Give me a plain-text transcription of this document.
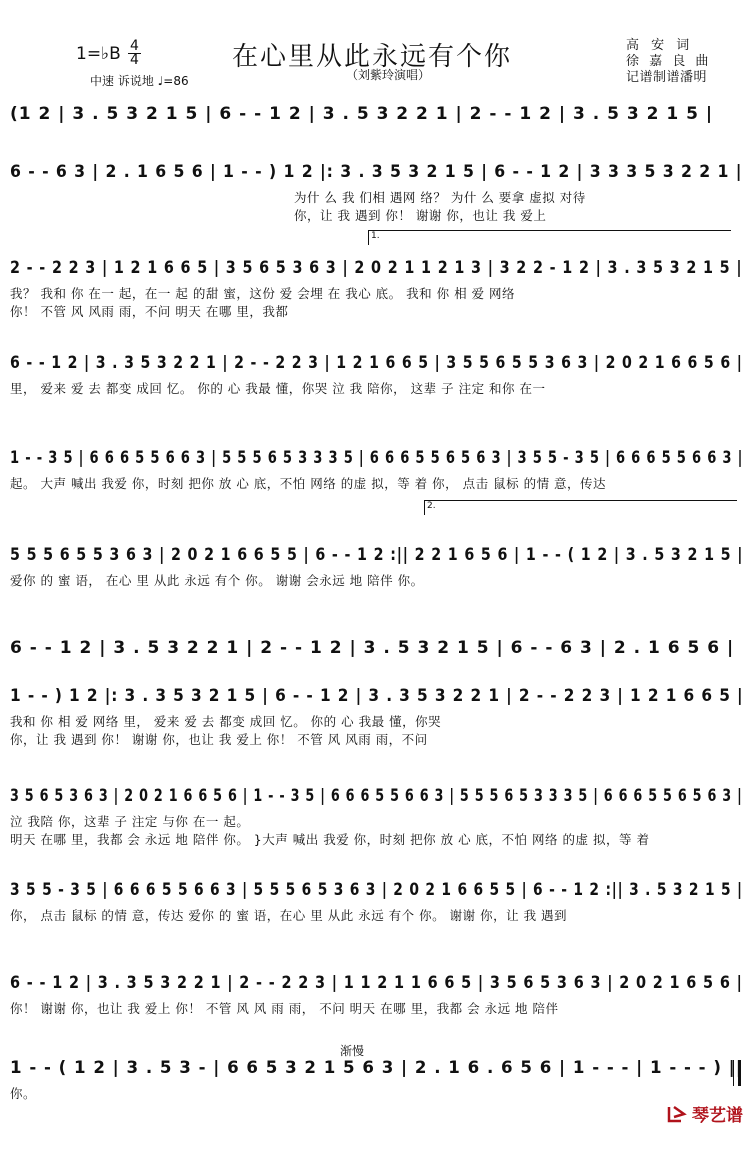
在心里从此永远有个你
（刘紫玲演唱）
1=♭B 4
4
中速 诉说地 ♩=86
高 安 词
徐 嘉 良 曲
记谱制谱潘明
(1 2 | 3 . 5 3 2 1 5 | 6 - - 1 2 | 3 . 5 3 2 2 1 | 2 - - 1 2 | 3 . 5 3 2 1 5 |
6 - - 6 3 | 2 . 1 6 5 6 | 1 - - ) 1 2 |: 3 . 3 5 3 2 1 5 | 6 - - 1 2 | 3 3 3 5 3 2 2 1 |
为什 么 我 们相 遇网 络？ 为什 么 要拿 虚拟 对待
你，让 我 遇到 你！ 谢谢 你，也让 我 爱上
2 - - 2 2 3 | 1 2 1 6 6 5 | 3 5 6 5 3 6 3 | 2 0 2 1 1 2 1 3 | 3 2 2 - 1 2 | 3 . 3 5 3 2 1 5 |
我？ 我和 你 在一 起，在一 起 的甜 蜜，这份 爱 会埋 在 我心 底。 我和 你 相 爱 网络
你！ 不管 风 风雨 雨，不问 明天 在哪 里，我都
6 - - 1 2 | 3 . 3 5 3 2 2 1 | 2 - - 2 2 3 | 1 2 1 6 6 5 | 3 5 5 6 5 5 3 6 3 | 2 0 2 1 6 6 5 6 |
里， 爱来 爱 去 都变 成回 忆。 你的 心 我最 懂，你哭 泣 我 陪你， 这辈 子 注定 和你 在一
1 - - 3 5 | 6 6 6 5 5 6 6 3 | 5 5 5 6 5 3 3 3 5 | 6 6 6 5 5 6 5 6 3 | 3 5 5 - 3 5 | 6 6 6 5 5 6 6 3 |
起。 大声 喊出 我爱 你，时刻 把你 放 心 底，不怕 网络 的虚 拟，等 着 你， 点击 鼠标 的情 意，传达
5 5 5 6 5 5 3 6 3 | 2 0 2 1 6 6 5 5 | 6 - - 1 2 :|| 2 2 1 6 5 6 | 1 - - ( 1 2 | 3 . 5 3 2 1 5 |
爱你 的 蜜 语， 在心 里 从此 永远 有个 你。 谢谢 会永远 地 陪伴 你。
6 - - 1 2 | 3 . 5 3 2 2 1 | 2 - - 1 2 | 3 . 5 3 2 1 5 | 6 - - 6 3 | 2 . 1 6 5 6 |
1 - - ) 1 2 |: 3 . 3 5 3 2 1 5 | 6 - - 1 2 | 3 . 3 5 3 2 2 1 | 2 - - 2 2 3 | 1 2 1 6 6 5 |
我和 你 相 爱 网络 里， 爱来 爱 去 都变 成回 忆。 你的 心 我最 懂，你哭
你，让 我 遇到 你！ 谢谢 你，也让 我 爱上 你！ 不管 风 风雨 雨，不问
3 5 6 5 3 6 3 | 2 0 2 1 6 6 5 6 | 1 - - 3 5 | 6 6 6 5 5 6 6 3 | 5 5 5 6 5 3 3 3 5 | 6 6 6 5 5 6 5 6 3 |
泣 我陪 你，这辈 子 注定 与你 在一 起。
明天 在哪 里，我都 会 永远 地 陪伴 你。 }大声 喊出 我爱 你，时刻 把你 放 心 底，不怕 网络 的虚 拟，等 着
3 5 5 - 3 5 | 6 6 6 5 5 6 6 3 | 5 5 5 6 5 3 6 3 | 2 0 2 1 6 6 5 5 | 6 - - 1 2 :|| 3 . 5 3 2 1 5 |
你， 点击 鼠标 的情 意，传达 爱你 的 蜜 语，在心 里 从此 永远 有个 你。 谢谢 你，让 我 遇到
6 - - 1 2 | 3 . 3 5 3 2 2 1 | 2 - - 2 2 3 | 1 1 2 1 1 6 6 5 | 3 5 6 5 3 6 3 | 2 0 2 1 6 5 6 |
你！ 谢谢 你，也让 我 爱上 你！ 不管 风 风 雨 雨， 不问 明天 在哪 里，我都 会 永远 地 陪伴
1 - - ( 1 2 | 3 . 5 3 - | 6 6 5 3 2 1 5 6 3 | 2 . 1 6 . 6 5 6 | 1 - - - | 1 - - - ) ||
你。
渐慢
1.
2.
琴艺谱
